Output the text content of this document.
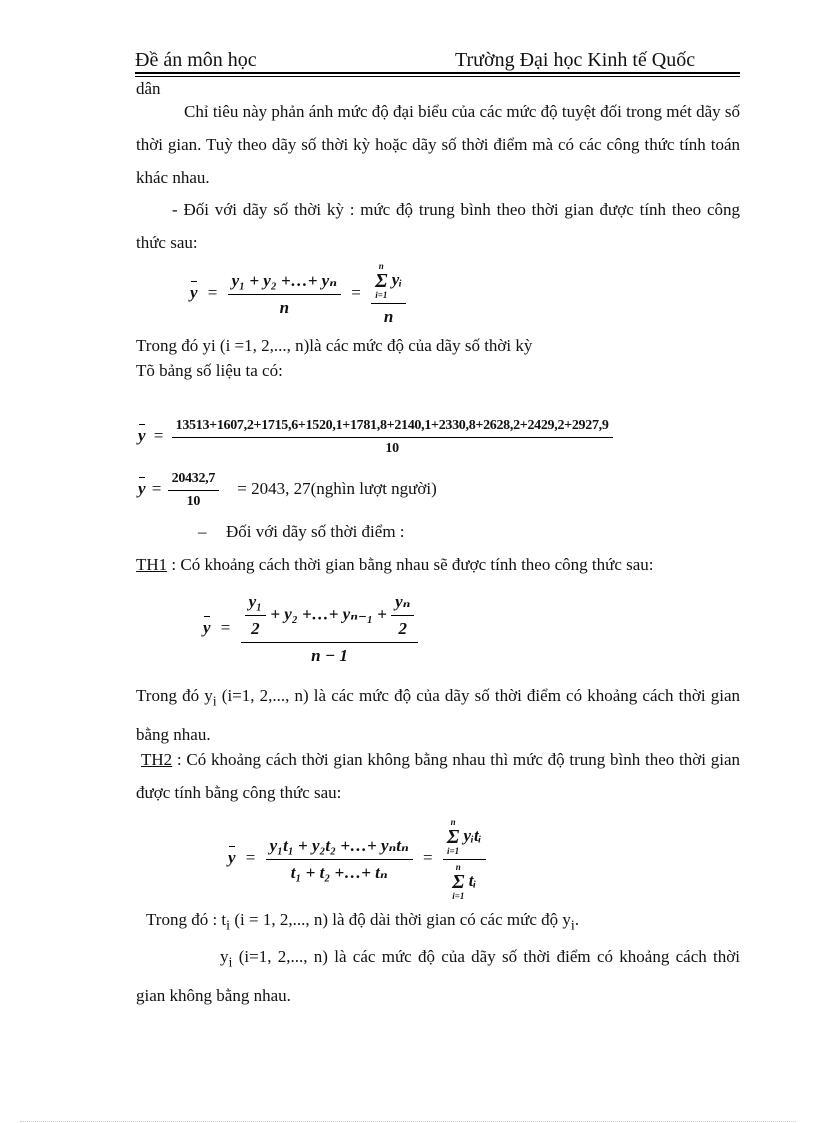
Đề án môn học	Trường Đại học Kinh tế Quốc
dân
Chỉ tiêu này phản ánh mức độ đại biểu của các mức độ tuyệt đối trong mét dãy số thời gian. Tuỳ theo dãy số thời kỳ hoặc dãy số thời điểm mà có các công thức tính toán khác nhau.
- Đối với dãy số thời kỳ : mức độ trung bình theo thời gian được tính theo công thức sau:
$y = \frac{\text{y₁ + y₂ +…+ yₙ}}{n} = n$
Σ
i=1
yᵢ
n
Trong đó yi (i =1, 2,..., n)là các mức độ của dãy số thời kỳ
Tõ bảng số liệu ta có:
y =
13513+1607,2+1715,6+1520,1+1781,8+2140,1+2330,8+2628,2+2429,2+2927,9
10
$y = \frac{20432,7}{10} = 2043$, 27(nghìn lượt người)
– Đối với dãy số thời điểm :
TH1 : Có khoảng cách thời gian bằng nhau sẽ được tính theo công thức sau:
$y = \frac{\frac{\text{y₁}}{2} + y_2 +\dots+ y_{n-1} + \frac{\text{yₙ}}{2}}{n - 1}$
Trong đó $y_i$ (i=1, 2,..., n) là các mức độ của dãy số thời điểm có khoảng cách thời gian bằng nhau.
TH2 : Có khoảng cách thời gian không bằng nhau thì mức độ trung bình theo thời gian được tính bằng công thức sau:
$y = \frac{\text{y₁t₁ + y₂t₂ +…+ yₙtₙ}}{\text{t₁ + t₂ +…+ tₙ}} = n$
Σ
i=1
yᵢtᵢ
n
Σ
i=1
tᵢ
Trong đó : $t_i$ (i = 1, 2,..., n) là độ dài thời gian có các mức độ $y_i$.
$y_i$ (i=1, 2,..., n) là các mức độ của dãy số thời điểm có khoảng cách thời gian không bằng nhau.
